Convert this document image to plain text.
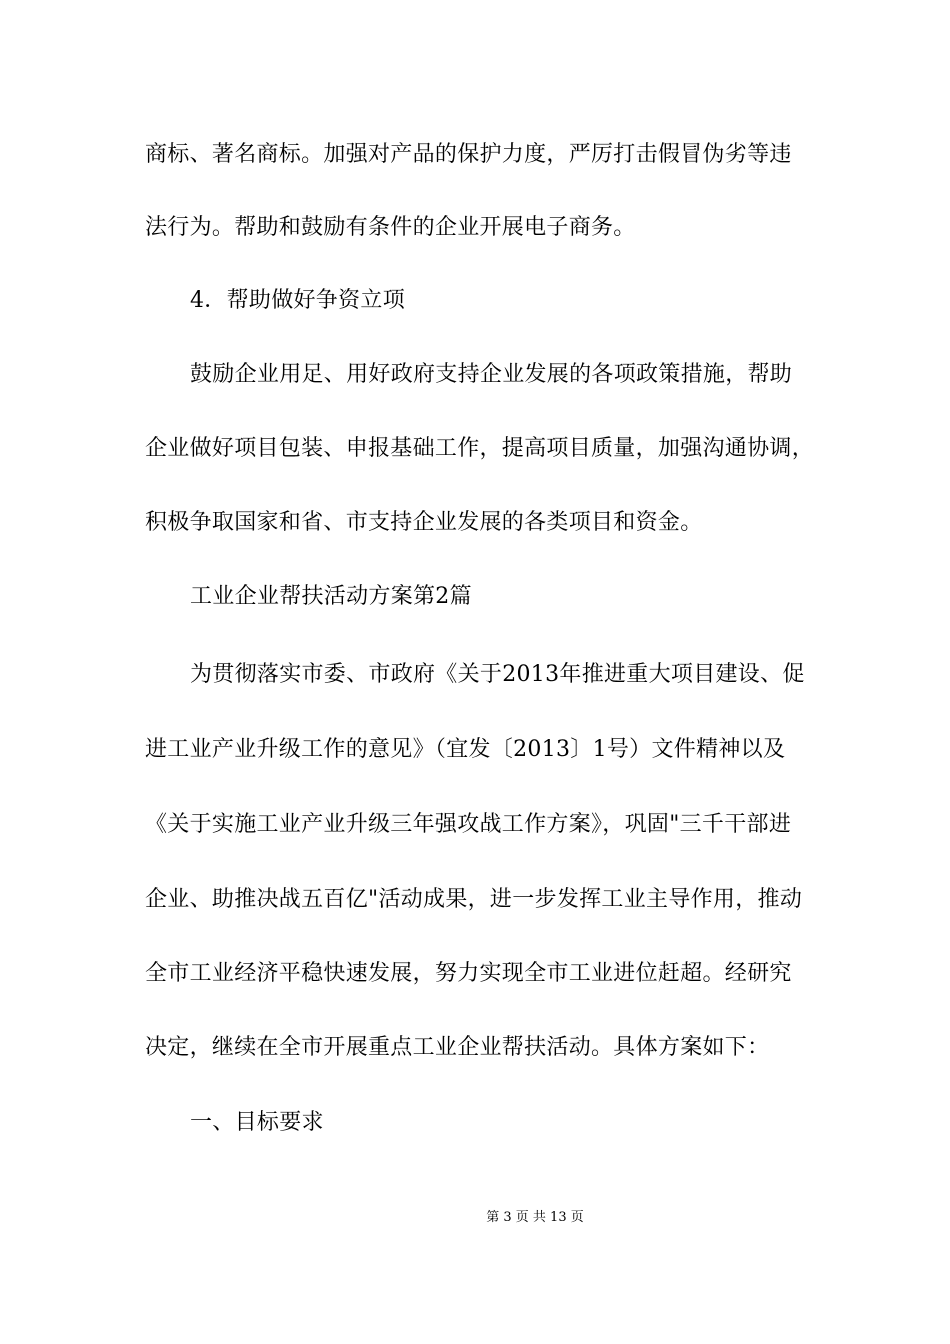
商标、著名商标。加强对产品的保护力度，严厉打击假冒伪劣等违
法行为。帮助和鼓励有条件的企业开展电子商务。
4．帮助做好争资立项
鼓励企业用足、用好政府支持企业发展的各项政策措施，帮助
企业做好项目包装、申报基础工作，提高项目质量，加强沟通协调，
积极争取国家和省、市支持企业发展的各类项目和资金。
工业企业帮扶活动方案第2篇
为贯彻落实市委、市政府《关于2013年推进重大项目建设、促
进工业产业升级工作的意见》（宜发〔2013〕1号）文件精神以及
《关于实施工业产业升级三年强攻战工作方案》，巩固"三千干部进
企业、助推决战五百亿"活动成果，进一步发挥工业主导作用，推动
全市工业经济平稳快速发展，努力实现全市工业进位赶超。经研究
决定，继续在全市开展重点工业企业帮扶活动。具体方案如下：
一、目标要求
第 3 页 共 13 页
